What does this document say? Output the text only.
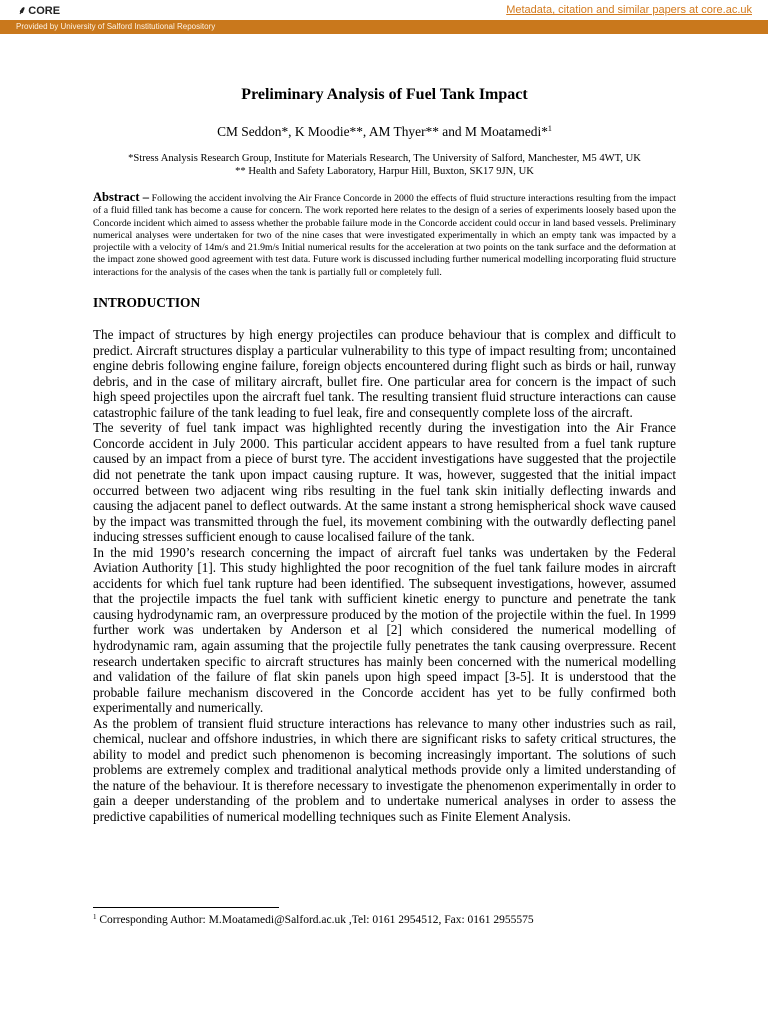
⸙ CORE	Metadata, citation and similar papers at core.ac.uk
Provided by University of Salford Institutional Repository
Preliminary Analysis of Fuel Tank Impact

CM Seddon*, K Moodie**, AM Thyer** and M Moatamedi*$^1$

*Stress Analysis Research Group, Institute for Materials Research, The University of Salford, Manchester, M5 4WT, UK

** Health and Safety Laboratory, Harpur Hill, Buxton, SK17 9JN, UK

Abstract – Following the accident involving the Air France Concorde in 2000 the effects of fluid structure interactions resulting from the impact of a fluid filled tank has become a cause for concern. The work reported here relates to the design of a series of experiments loosely based upon the Concorde incident which aimed to assess whether the probable failure mode in the Concorde accident could occur in land based vessels. Preliminary numerical analyses were undertaken for two of the nine cases that were investigated experimentally in which an empty tank was impacted by a projectile with a velocity of 14m/s and 21.9m/s Initial numerical results for the acceleration at two points on the tank surface and the deformation at the impact zone showed good agreement with test data. Future work is discussed including further numerical modelling incorporating fluid structure interactions for the analysis of the cases when the tank is partially full or completely full.

INTRODUCTION

The impact of structures by high energy projectiles can produce behaviour that is complex and difficult to predict. Aircraft structures display a particular vulnerability to this type of impact resulting from; uncontained engine debris following engine failure, foreign objects encountered during flight such as birds or hail, runway debris, and in the case of military aircraft, bullet fire. One particular area for concern is the impact of such high speed projectiles upon the aircraft fuel tank. The resulting transient fluid structure interactions can cause catastrophic failure of the tank leading to fuel leak, fire and consequently complete loss of the aircraft.

The severity of fuel tank impact was highlighted recently during the investigation into the Air France Concorde accident in July 2000. This particular accident appears to have resulted from a fuel tank rupture caused by an impact from a piece of burst tyre. The accident investigations have suggested that the projectile did not penetrate the tank upon impact causing rupture. It was, however, suggested that the initial impact occurred between two adjacent wing ribs resulting in the fuel tank skin initially deflecting inwards and causing the adjacent panel to deflect outwards. At the same instant a strong hemispherical shock wave caused by the impact was transmitted through the fuel, its movement combining with the outwardly deflecting panel inducing stresses sufficient enough to cause localised failure of the tank.

In the mid 1990’s research concerning the impact of aircraft fuel tanks was undertaken by the Federal Aviation Authority [1]. This study highlighted the poor recognition of the fuel tank failure modes in aircraft accidents for which fuel tank rupture had been identified. The subsequent investigations, however, assumed that the projectile impacts the fuel tank with sufficient kinetic energy to puncture and penetrate the tank causing hydrodynamic ram, an overpressure produced by the motion of the projectile within the fuel. In 1999 further work was undertaken by Anderson et al [2] which considered the numerical modelling of hydrodynamic ram, again assuming that the projectile fully penetrates the tank causing overpressure. Recent research undertaken specific to aircraft structures has mainly been concerned with the numerical modelling and validation of the failure of flat skin panels upon high speed impact [3-5]. It is understood that the probable failure mechanism discovered in the Concorde accident has yet to be fully confirmed both experimentally and numerically.

As the problem of transient fluid structure interactions has relevance to many other industries such as rail, chemical, nuclear and offshore industries, in which there are significant risks to safety critical structures, the ability to model and predict such phenomenon is becoming increasingly important. The solutions of such problems are extremely complex and traditional analytical methods provide only a limited understanding of the nature of the behaviour. It is therefore necessary to investigate the phenomenon experimentally in order to gain a deeper understanding of the problem and to undertake numerical analyses in order to assess the predictive capabilities of numerical modelling techniques such as Finite Element Analysis.

$^1$ Corresponding Author: M.Moatamedi@Salford.ac.uk ,Tel: 0161 2954512, Fax: 0161 2955575
